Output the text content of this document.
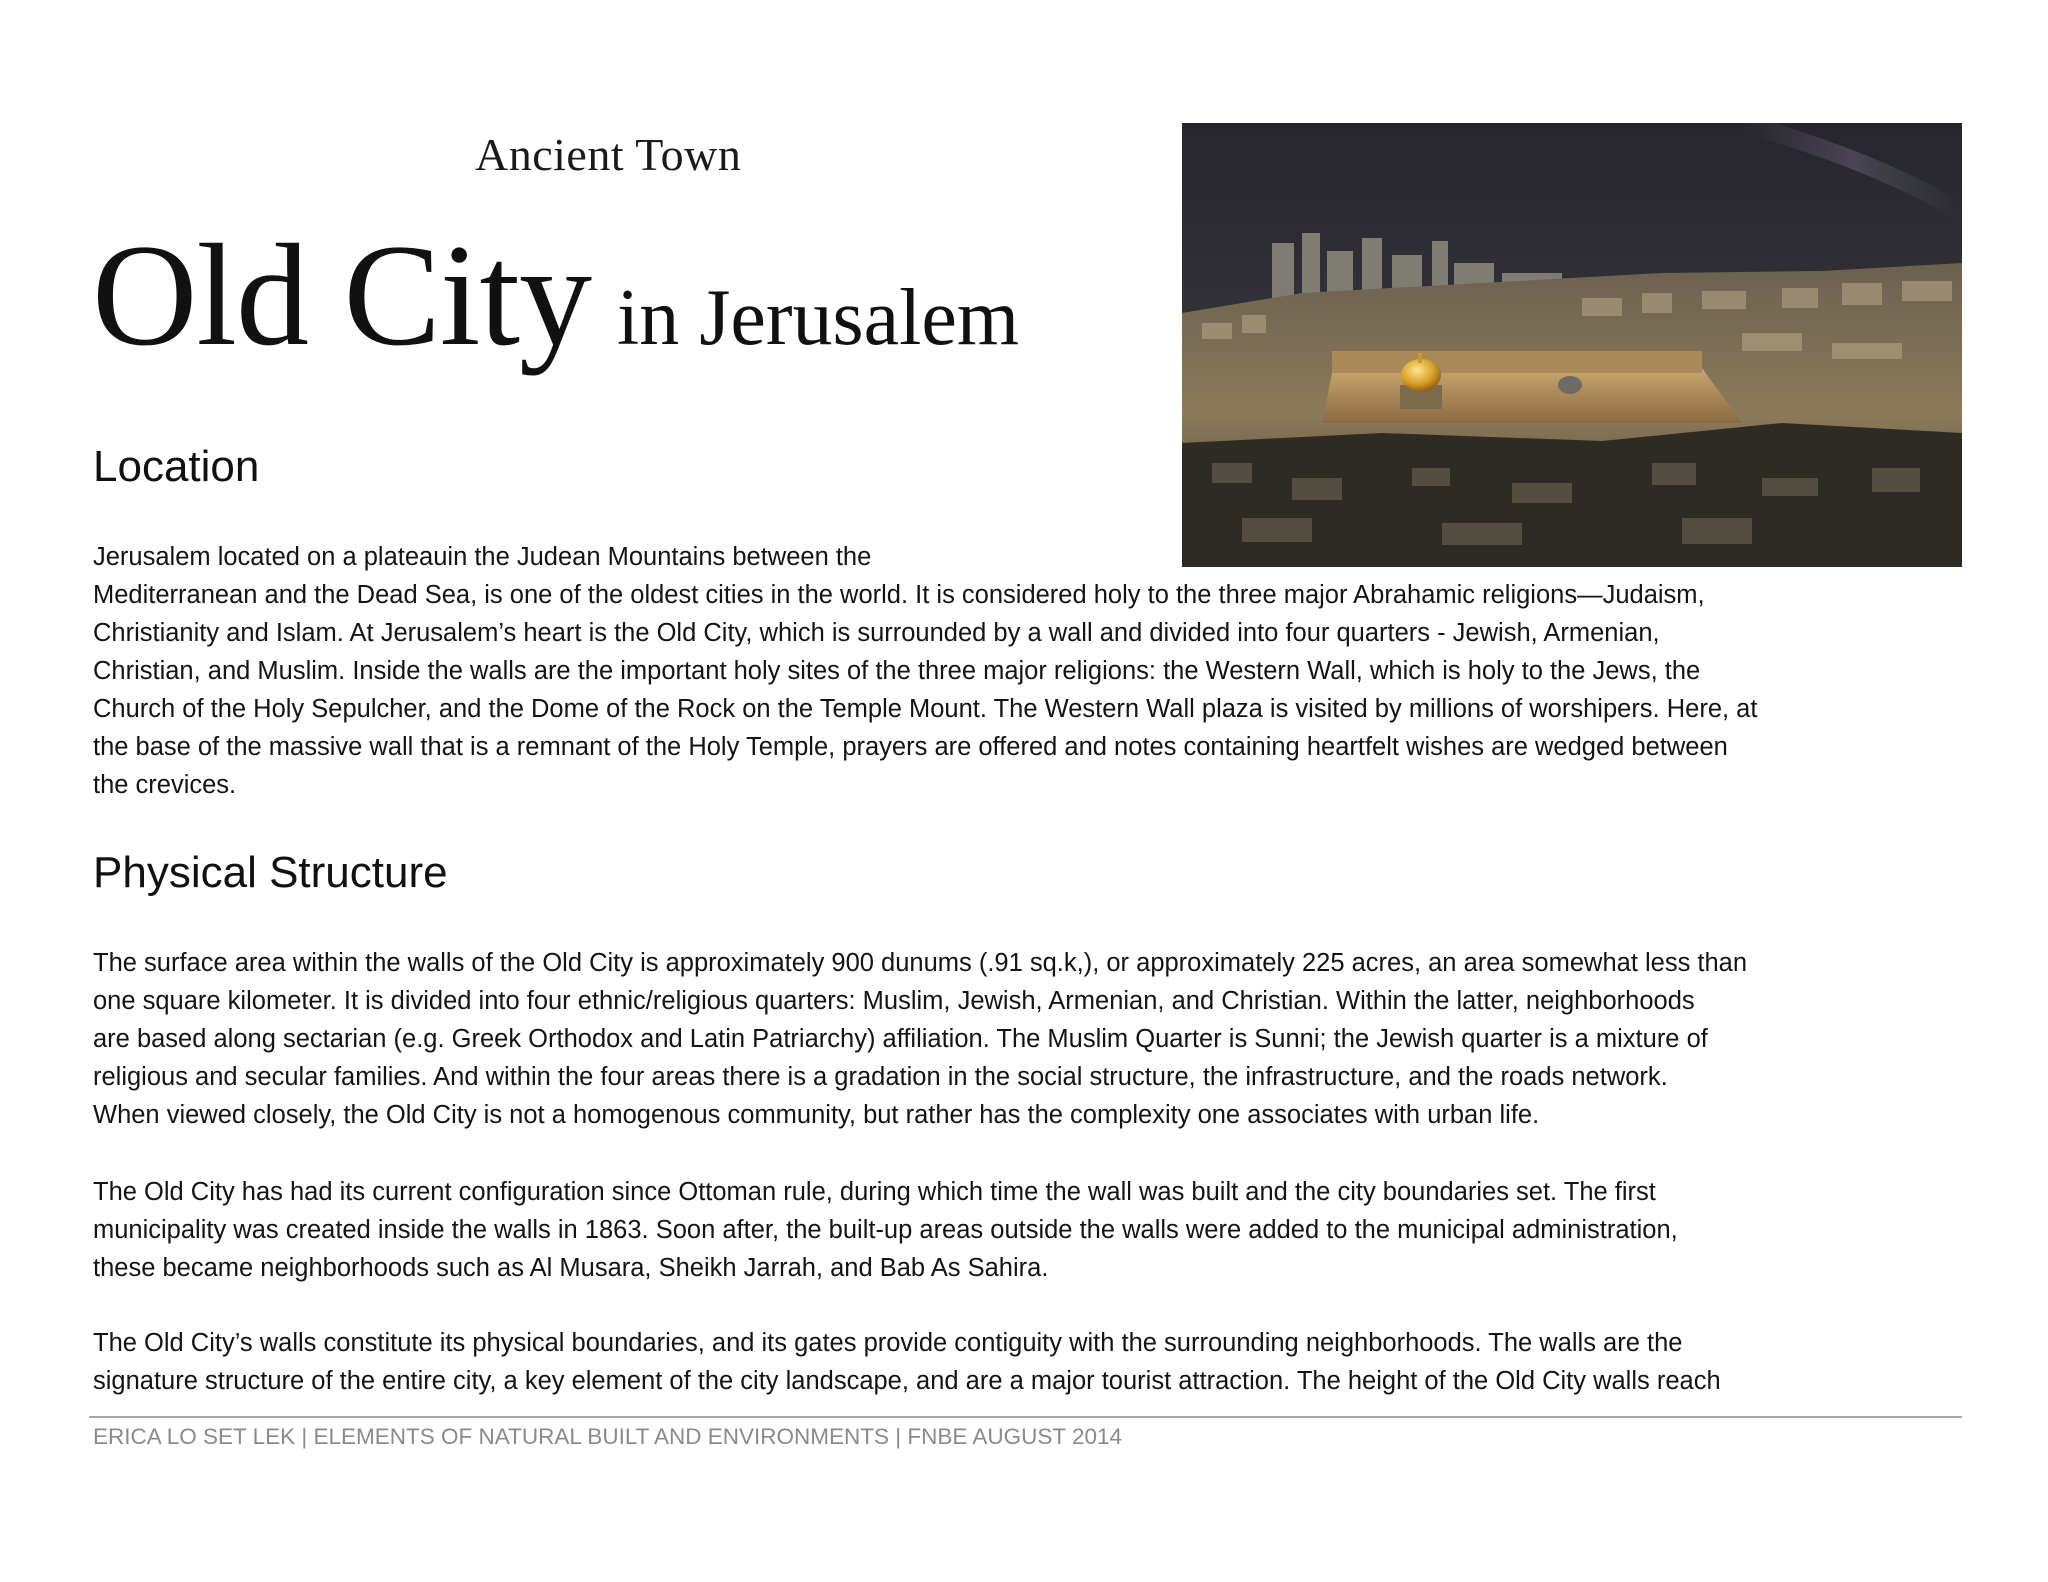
Ancient Town
Old City in Jerusalem
Location
Jerusalem located on a plateauin the Judean Mountains between the
Mediterranean and the Dead Sea, is one of the oldest cities in the world. It is considered holy to the three major Abrahamic religions—Judaism,
Christianity and Islam. At Jerusalem’s heart is the Old City, which is surrounded by a wall and divided into four quarters - Jewish, Armenian,
Christian, and Muslim. Inside the walls are the important holy sites of the three major religions: the Western Wall, which is holy to the Jews, the
Church of the Holy Sepulcher, and the Dome of the Rock on the Temple Mount. The Western Wall plaza is visited by millions of worshipers. Here, at
the base of the massive wall that is a remnant of the Holy Temple, prayers are offered and notes containing heartfelt wishes are wedged between
the crevices.
Physical Structure
The surface area within the walls of the Old City is approximately 900 dunums (.91 sq.k,), or approximately 225 acres, an area somewhat less than
one square kilometer. It is divided into four ethnic/religious quarters: Muslim, Jewish, Armenian, and Christian. Within the latter, neighborhoods
are based along sectarian (e.g. Greek Orthodox and Latin Patriarchy) affiliation. The Muslim Quarter is Sunni; the Jewish quarter is a mixture of
religious and secular families. And within the four areas there is a gradation in the social structure, the infrastructure, and the roads network.
When viewed closely, the Old City is not a homogenous community, but rather has the complexity one associates with urban life.
The Old City has had its current configuration since Ottoman rule, during which time the wall was built and the city boundaries set. The first
municipality was created inside the walls in 1863. Soon after, the built-up areas outside the walls were added to the municipal administration,
these became neighborhoods such as Al Musara, Sheikh Jarrah, and Bab As Sahira.
The Old City’s walls constitute its physical boundaries, and its gates provide contiguity with the surrounding neighborhoods. The walls are the
signature structure of the entire city, a key element of the city landscape, and are a major tourist attraction. The height of the Old City walls reach
ERICA LO SET LEK | ELEMENTS OF NATURAL BUILT AND ENVIRONMENTS | FNBE AUGUST 2014
